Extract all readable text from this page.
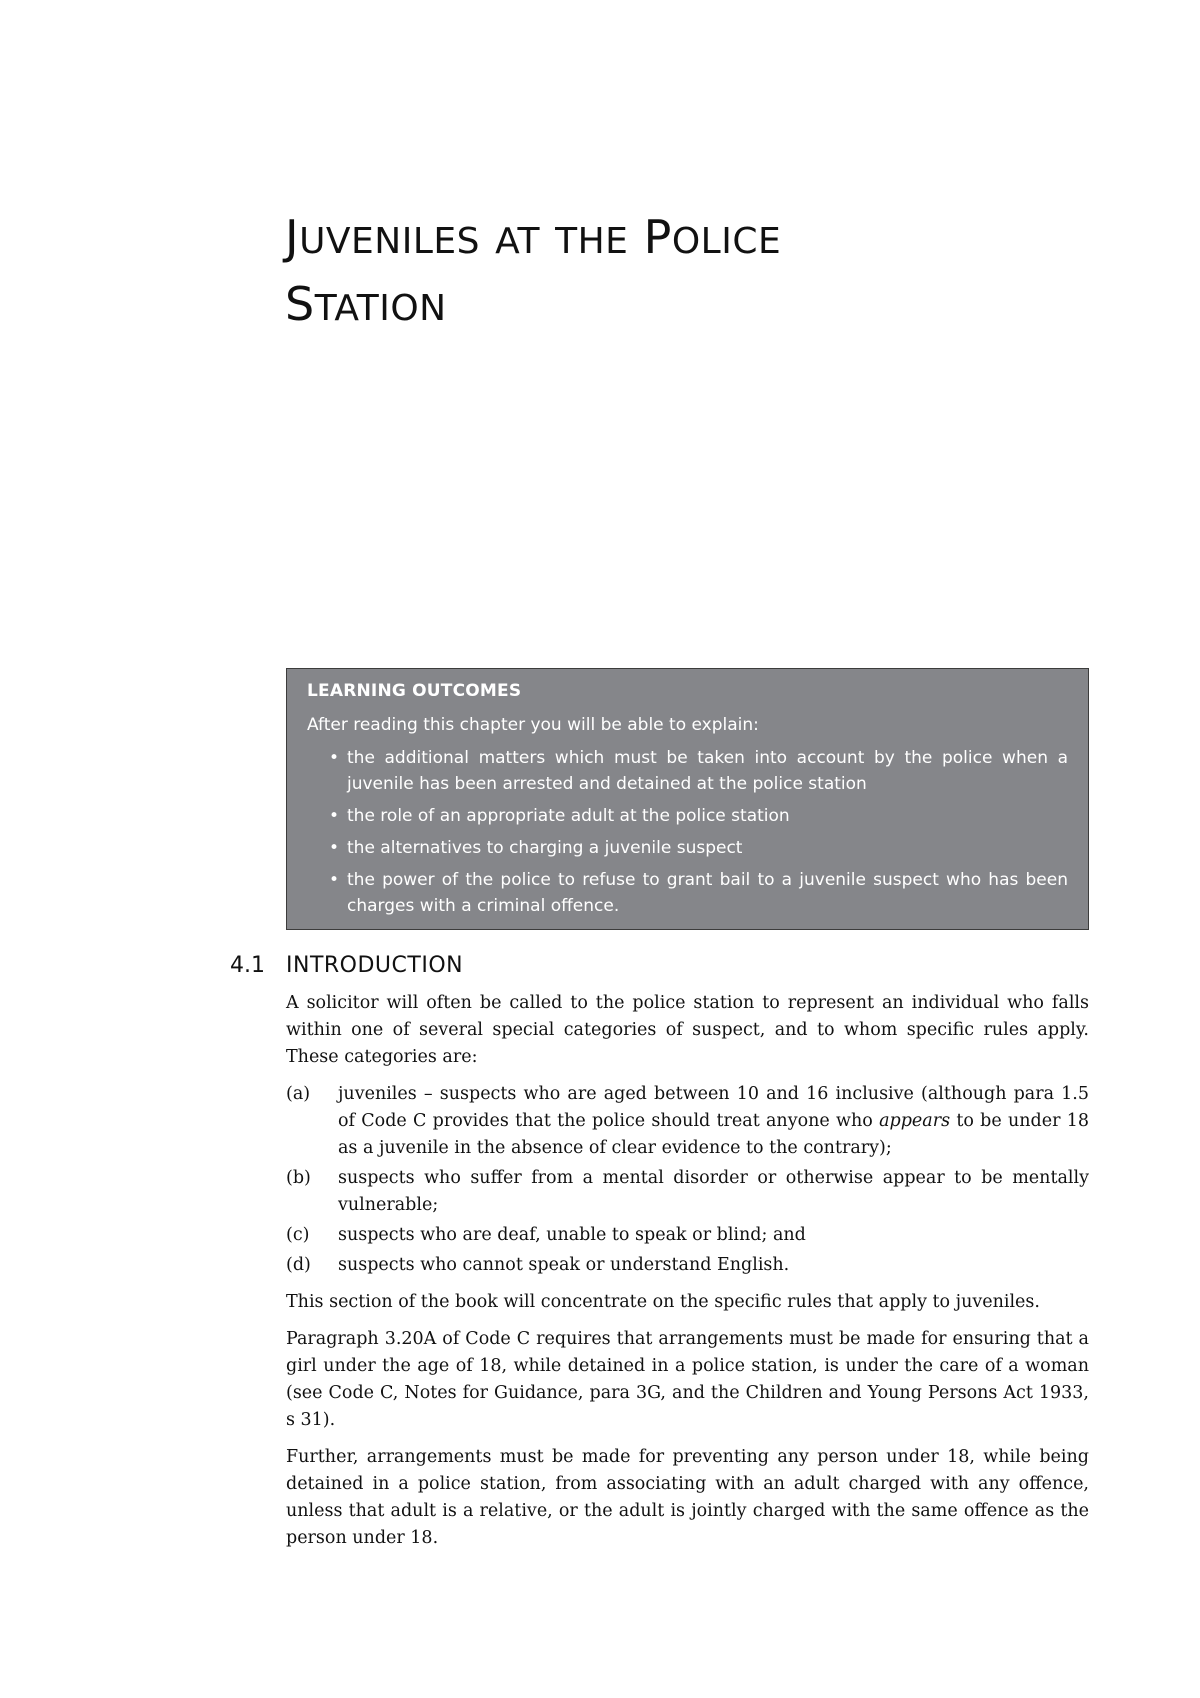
JUVENILES AT THE POLICE
STATION
LEARNING OUTCOMES
After reading this chapter you will be able to explain:
• the additional matters which must be taken into account by the police when a juvenile has been arrested and detained at the police station
• the role of an appropriate adult at the police station
• the alternatives to charging a juvenile suspect
• the power of the police to refuse to grant bail to a juvenile suspect who has been charges with a criminal offence.
4.1 INTRODUCTION

A solicitor will often be called to the police station to represent an individual who falls within one of several special categories of suspect, and to whom specific rules apply. These categories are:

(a) juveniles – suspects who are aged between 10 and 16 inclusive (although para 1.5 of Code C provides that the police should treat anyone who appears to be under 18 as a juvenile in the absence of clear evidence to the contrary);
(b) suspects who suffer from a mental disorder or otherwise appear to be mentally vulnerable;
(c) suspects who are deaf, unable to speak or blind; and
(d) suspects who cannot speak or understand English.

This section of the book will concentrate on the specific rules that apply to juveniles.

Paragraph 3.20A of Code C requires that arrangements must be made for ensuring that a girl under the age of 18, while detained in a police station, is under the care of a woman (see Code C, Notes for Guidance, para 3G, and the Children and Young Persons Act 1933, s 31).

Further, arrangements must be made for preventing any person under 18, while being detained in a police station, from associating with an adult charged with any offence, unless that adult is a relative, or the adult is jointly charged with the same offence as the person under 18.
